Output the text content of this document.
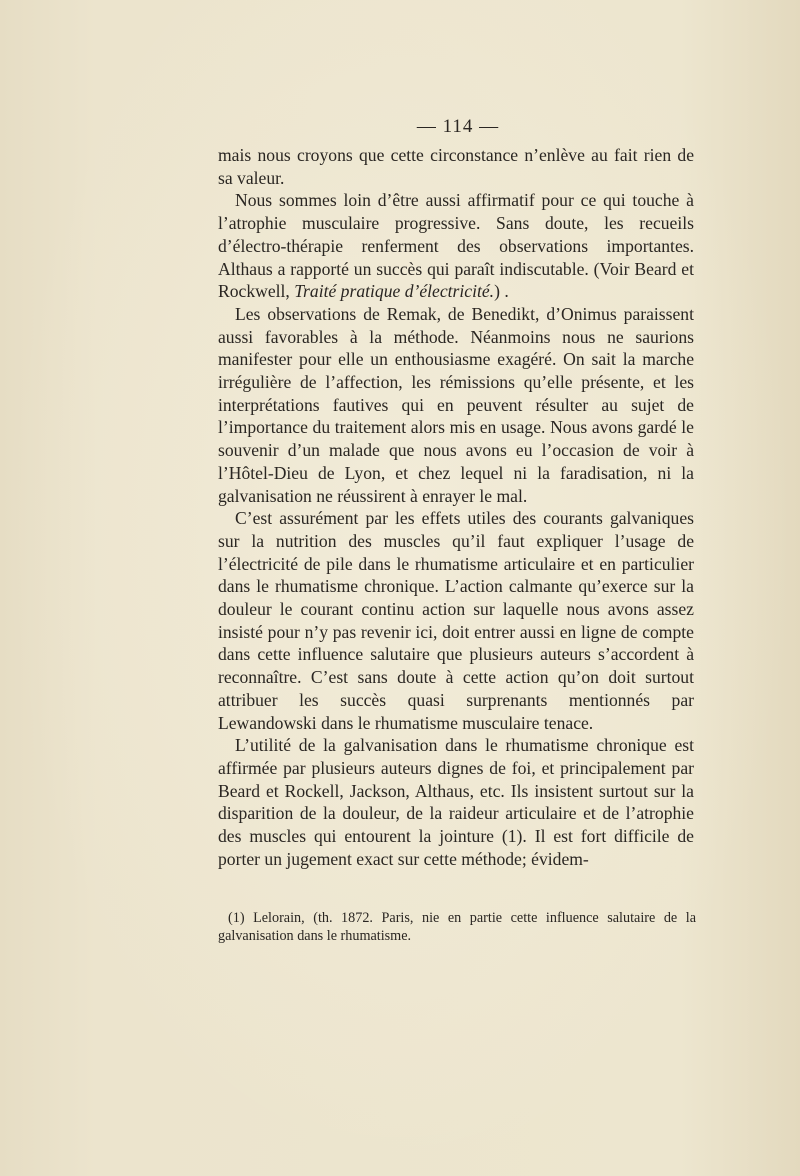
— 114 —

mais nous croyons que cette circonstance n’enlève au fait rien de sa valeur.

Nous sommes loin d’être aussi affirmatif pour ce qui touche à l’atrophie musculaire progressive. Sans doute, les recueils d’électro-thérapie renferment des observations importantes. Althaus a rapporté un succès qui paraît indiscutable. (Voir Beard et Rockwell, Traité pratique d’électricité.) .

Les observations de Remak, de Benedikt, d’Onimus paraissent aussi favorables à la méthode. Néanmoins nous ne saurions manifester pour elle un enthousiasme exagéré. On sait la marche irrégulière de l’affection, les rémissions qu’elle présente, et les interprétations fautives qui en peuvent résulter au sujet de l’importance du traitement alors mis en usage. Nous avons gardé le souvenir d’un malade que nous avons eu l’occasion de voir à l’Hôtel-Dieu de Lyon, et chez lequel ni la faradisation, ni la galvanisation ne réussirent à enrayer le mal.

C’est assurément par les effets utiles des courants galvaniques sur la nutrition des muscles qu’il faut expliquer l’usage de l’électricité de pile dans le rhumatisme articulaire et en particulier dans le rhumatisme chronique. L’action calmante qu’exerce sur la douleur le courant continu action sur laquelle nous avons assez insisté pour n’y pas revenir ici, doit entrer aussi en ligne de compte dans cette influence salutaire que plusieurs auteurs s’accordent à reconnaître. C’est sans doute à cette action qu’on doit surtout attribuer les succès quasi surprenants mentionnés par Lewandowski dans le rhumatisme musculaire tenace.

L’utilité de la galvanisation dans le rhumatisme chronique est affirmée par plusieurs auteurs dignes de foi, et principalement par Beard et Rockell, Jackson, Althaus, etc. Ils insistent surtout sur la disparition de la douleur, de la raideur articulaire et de l’atrophie des muscles qui entourent la jointure (1). Il est fort difficile de porter un jugement exact sur cette méthode; évidem-

(1) Lelorain, (th. 1872. Paris, nie en partie cette influence salutaire de la galvanisation dans le rhumatisme.
